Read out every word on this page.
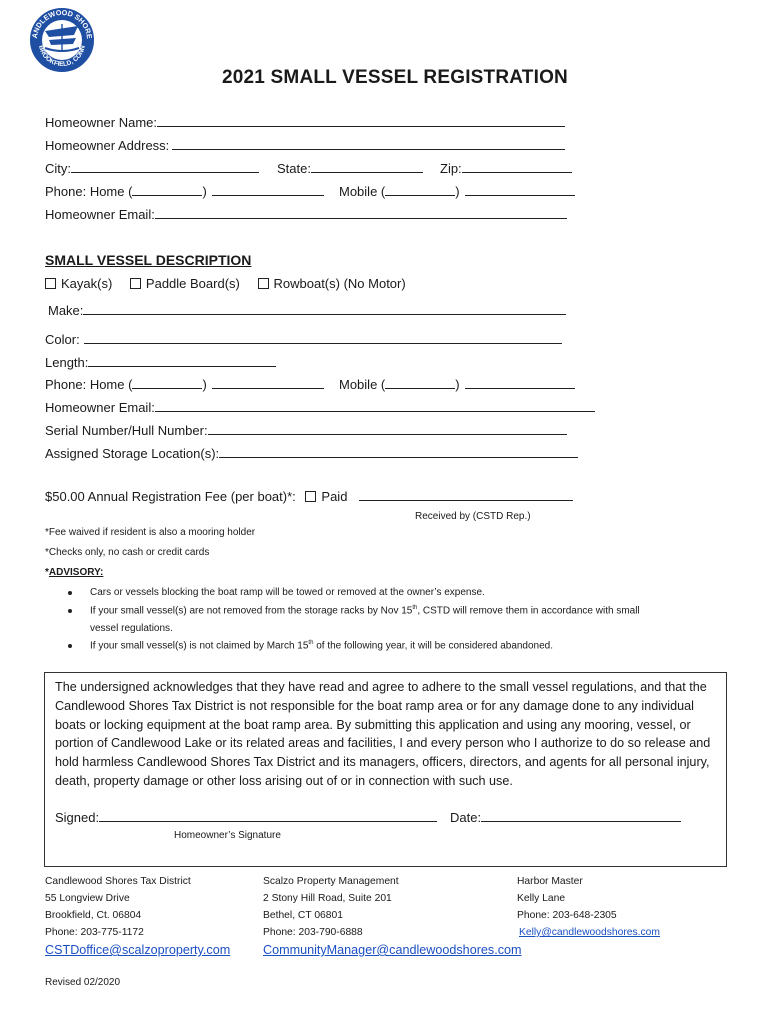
ANDLEWOOD SHORE
BROOKFIELD, CONN
2021 SMALL VESSEL REGISTRATION
Homeowner Name:
Homeowner Address:
City:	State:	Zip:
Phone: Home (	)	Mobile (	)
Homeowner Email:
SMALL VESSEL DESCRIPTION
Kayak(s)	Paddle Board(s)	Rowboat(s) (No Motor)
Make:
Color:
Length:
Phone: Home (	)	Mobile (	)
Homeowner Email:
Serial Number/Hull Number:
Assigned Storage Location(s):
$50.00 Annual Registration Fee (per boat)*: Paid
Received by (CSTD Rep.)
*Fee waived if resident is also a mooring holder
*Checks only, no cash or credit cards
*ADVISORY:
Cars or vessels blocking the boat ramp will be towed or removed at the owner’s expense.
If your small vessel(s) are not removed from the storage racks by Nov 15th, CSTD will remove them in accordance with small
vessel regulations.
If your small vessel(s) is not claimed by March 15th of the following year, it will be considered abandoned.
The undersigned acknowledges that they have read and agree to adhere to the small vessel regulations, and that the Candlewood Shores Tax District is not responsible for the boat ramp area or for any damage done to any individual boats or locking equipment at the boat ramp area. By submitting this application and using any mooring, vessel, or portion of Candlewood Lake or its related areas and facilities, I and every person who I authorize to do so release and hold harmless Candlewood Shores Tax District and its managers, officers, directors, and agents for all personal injury, death, property damage or other loss arising out of or in connection with such use.
Signed:	Date:
Homeowner’s Signature
Candlewood Shores Tax District
55 Longview Drive
Brookfield, Ct. 06804
Phone: 203-775-1172
CSTDoffice@scalzoproperty.com
Scalzo Property Management
2 Stony Hill Road, Suite 201
Bethel, CT 06801
Phone: 203-790-6888
CommunityManager@candlewoodshores.com
Harbor Master
Kelly Lane
Phone: 203-648-2305
Kelly@candlewoodshores.com
Revised 02/2020
